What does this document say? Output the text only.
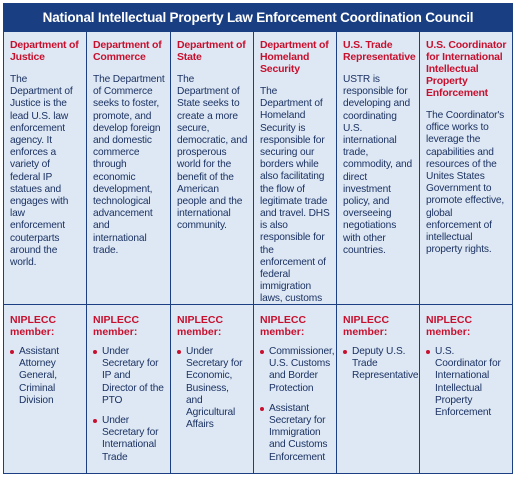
National Intellectual Property Law Enforcement Coordination Council

Department of Justice

The Department of Justice is the lead U.S. law enforcement agency. It enforces a variety of federal IP statues and engages with law enforcement couterparts around the world.

Department of Commerce

The Department of Commerce seeks to foster, promote, and develop foreign and domestic commerce through economic development, technological advancement and international trade.

Department of State

The Department of State seeks to create a more secure, democratic, and prosperous world for the benefit of the American people and the international community.

Department of Homeland Security

The Department of Homeland Security is responsible for securing our borders while also facilitating the flow of legitimate trade and travel. DHS is also responsible for the enforcement of federal immigration laws, customs

U.S. Trade Representative

USTR is responsible for developing and coordinating U.S. international trade, commodity, and direct investment policy, and overseeing negotiations with other countries.

U.S. Coordinator for International Intellectual Property Enforcement

The Coordinator's office works to leverage the capabilities and resources of the Unites States Government to promote effective, global enforcement of intellectual property rights.

NIPLECC member:

Assistant Attorney General, Criminal Division

NIPLECC member:

Under Secretary for IP and Director of the PTO
Under Secretary for International Trade

NIPLECC member:

Under Secretary for Economic, Business, and Agricultural Affairs

NIPLECC member:

Commissioner, U.S. Customs and Border Protection
Assistant Secretary for Immigration and Customs Enforcement

NIPLECC member:

Deputy U.S. Trade Representative

NIPLECC member:

U.S. Coordinator for International Intellectual Property Enforcement
